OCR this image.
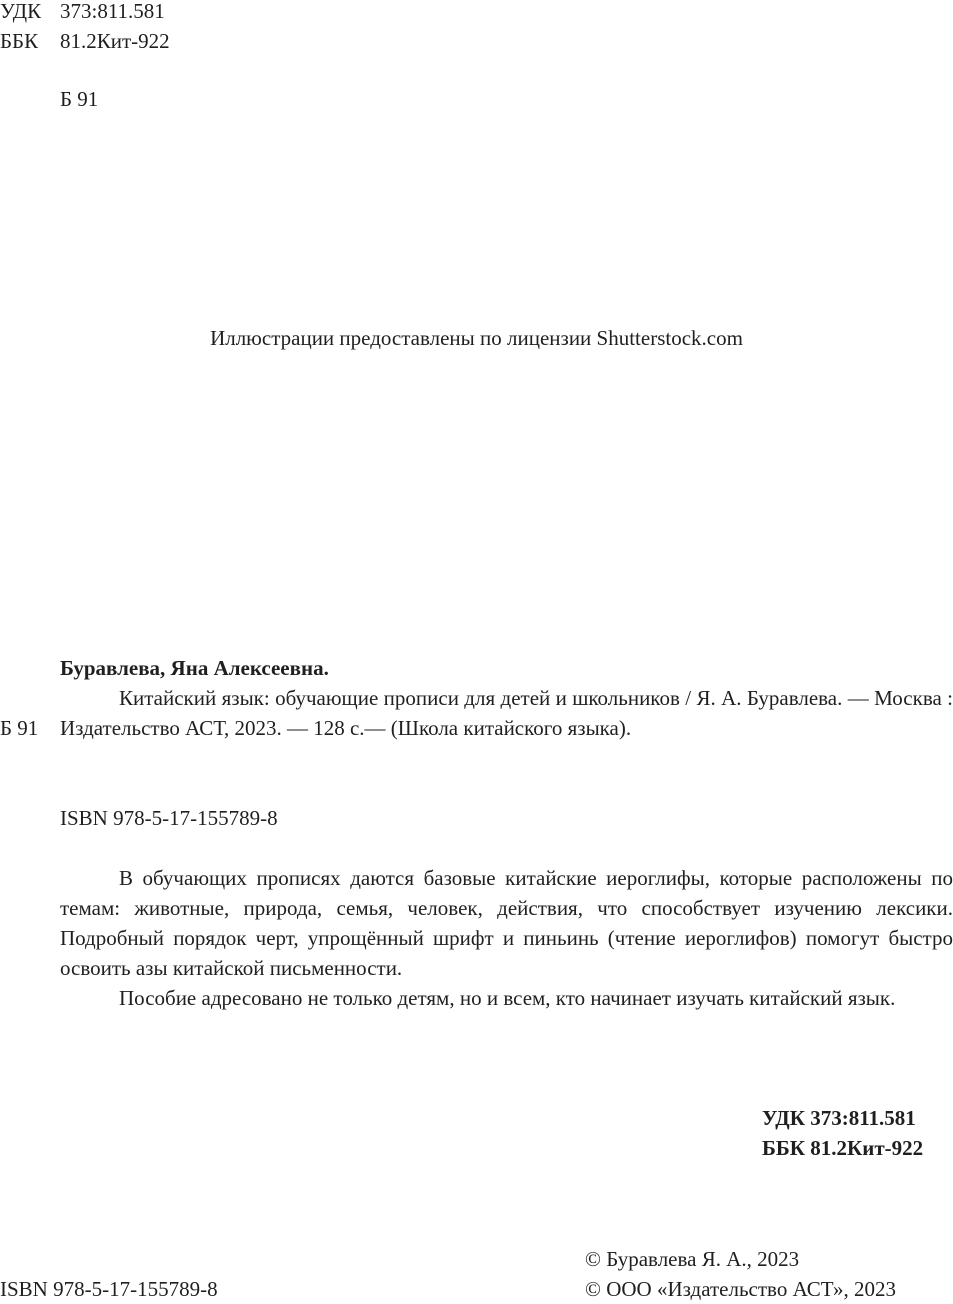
УДК 373:811.581
ББК 81.2Кит-922
Б 91
Иллюстрации предоставлены по лицензии Shutterstock.com
Буравлева, Яна Алексеевна.
Б 91

Китайский язык: обучающие прописи для детей и школьников / Я. А. Буравлева. — Москва : Издательство АСТ, 2023. — 128 с.— (Школа китайского языка).

ISBN 978-5-17-155789-8

В обучающих прописях даются базовые китайские иероглифы, которые расположены по темам: животные, природа, семья, человек, действия, что способствует изучению лексики. Подробный порядок черт, упрощённый шрифт и пиньинь (чтение иероглифов) помогут быстро освоить азы китайской письменности.

Пособие адресовано не только детям, но и всем, кто начинает изучать китайский язык.

УДК 373:811.581
ББК 81.2Кит-922
ISBN 978-5-17-155789-8
© Буравлева Я. А., 2023
© ООО «Издательство АСТ», 2023
